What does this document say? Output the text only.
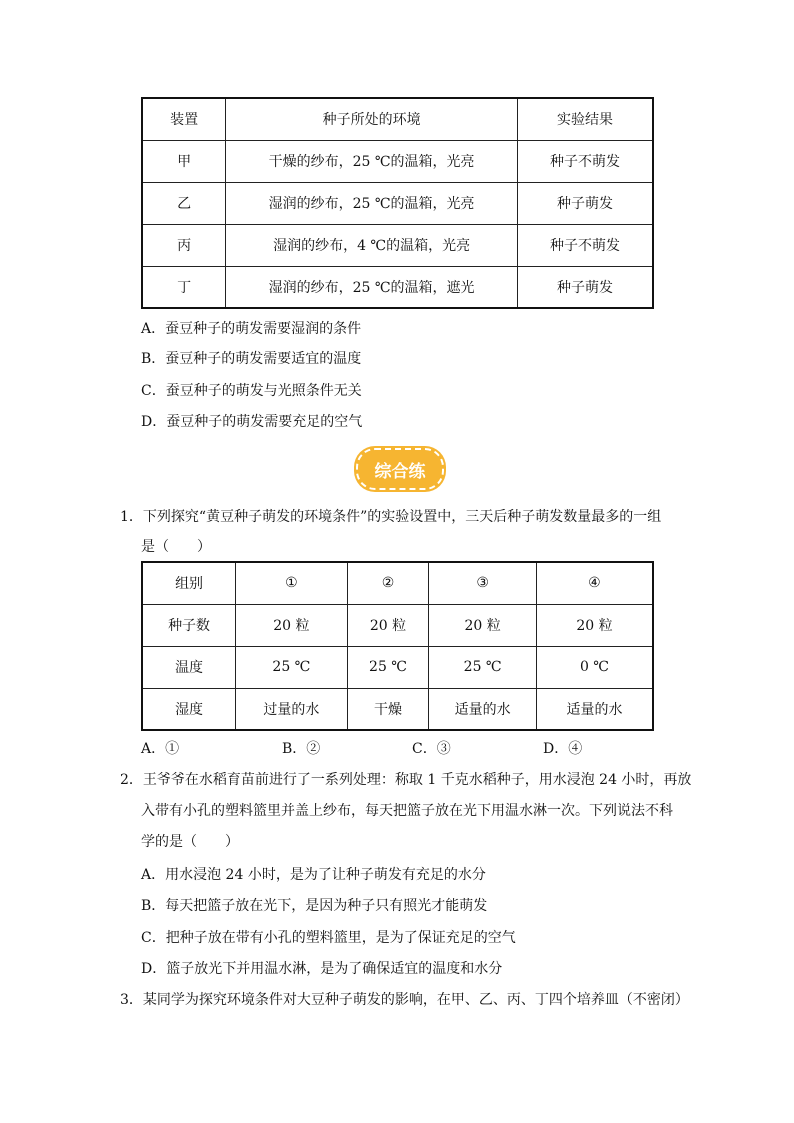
装置	种子所处的环境	实验结果
甲	干燥的纱布，25 ℃的温箱，光亮	种子不萌发
乙	湿润的纱布，25 ℃的温箱，光亮	种子萌发
丙	湿润的纱布，4 ℃的温箱，光亮	种子不萌发
丁	湿润的纱布，25 ℃的温箱，遮光	种子萌发
A．蚕豆种子的萌发需要湿润的条件
B．蚕豆种子的萌发需要适宜的温度
C．蚕豆种子的萌发与光照条件无关
D．蚕豆种子的萌发需要充足的空气
综合练
1．下列探究“黄豆种子萌发的环境条件”的实验设置中，三天后种子萌发数量最多的一组
是（　　）
组别	①	②	③	④
种子数	20 粒	20 粒	20 粒	20 粒
温度	25 ℃	25 ℃	25 ℃	0 ℃
湿度	过量的水	干燥	适量的水	适量的水
A．①	B．②	C．③	D．④
2．王爷爷在水稻育苗前进行了一系列处理：称取 1 千克水稻种子，用水浸泡 24 小时，再放
入带有小孔的塑料篮里并盖上纱布，每天把篮子放在光下用温水淋一次。下列说法不科
学的是（　　）
A．用水浸泡 24 小时，是为了让种子萌发有充足的水分
B．每天把篮子放在光下，是因为种子只有照光才能萌发
C．把种子放在带有小孔的塑料篮里，是为了保证充足的空气
D．篮子放光下并用温水淋，是为了确保适宜的温度和水分
3．某同学为探究环境条件对大豆种子萌发的影响，在甲、乙、丙、丁四个培养皿（不密闭）
